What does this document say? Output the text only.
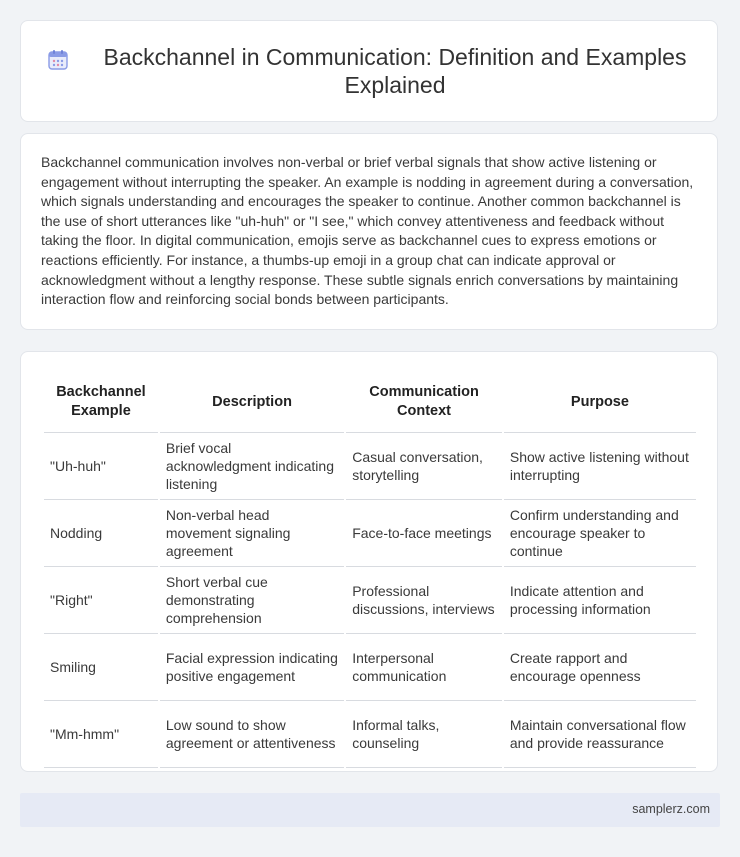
Backchannel in Communication: Definition and Examples Explained

Backchannel communication involves non-verbal or brief verbal signals that show active listening or engagement without interrupting the speaker. An example is nodding in agreement during a conversation, which signals understanding and encourages the speaker to continue. Another common backchannel is the use of short utterances like "uh-huh" or "I see," which convey attentiveness and feedback without taking the floor. In digital communication, emojis serve as backchannel cues to express emotions or reactions efficiently. For instance, a thumbs-up emoji in a group chat can indicate approval or acknowledgment without a lengthy response. These subtle signals enrich conversations by maintaining interaction flow and reinforcing social bonds between participants.

Backchannel Example	Description	Communication Context	Purpose
"Uh-huh"	Brief vocal acknowledgment indicating listening	Casual conversation, storytelling	Show active listening without interrupting
Nodding	Non-verbal head movement signaling agreement	Face-to-face meetings	Confirm understanding and encourage speaker to continue
"Right"	Short verbal cue demonstrating comprehension	Professional discussions, interviews	Indicate attention and processing information
Smiling	Facial expression indicating positive engagement	Interpersonal communication	Create rapport and encourage openness
"Mm-hmm"	Low sound to show agreement or attentiveness	Informal talks, counseling	Maintain conversational flow and provide reassurance
samplerz.com
